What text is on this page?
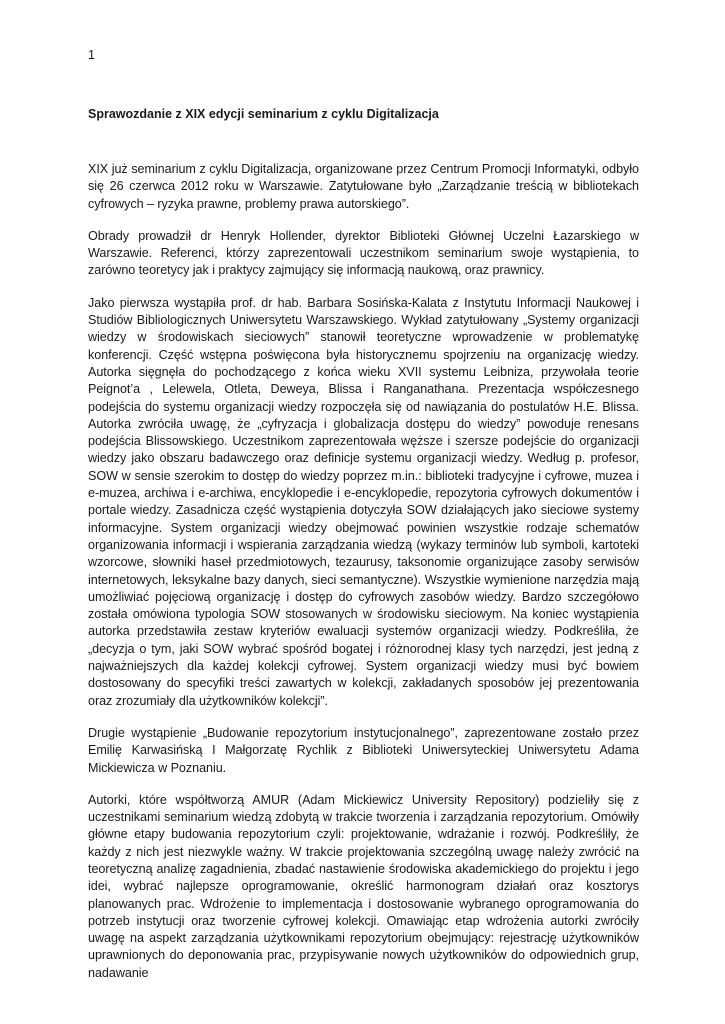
1
Sprawozdanie z XIX edycji seminarium z cyklu Digitalizacja

XIX już seminarium z cyklu Digitalizacja, organizowane przez Centrum Promocji Informatyki, odbyło się 26 czerwca 2012 roku w Warszawie. Zatytułowane było „Zarządzanie treścią w bibliotekach cyfrowych – ryzyka prawne, problemy prawa autorskiego”.

Obrady prowadził dr Henryk Hollender, dyrektor Biblioteki Głównej Uczelni Łazarskiego w Warszawie. Referenci, którzy zaprezentowali uczestnikom seminarium swoje wystąpienia, to zarówno teoretycy jak i praktycy zajmujący się informacją naukową, oraz prawnicy.

Jako pierwsza wystąpiła prof. dr hab. Barbara Sosińska-Kalata z Instytutu Informacji Naukowej i Studiów Bibliologicznych Uniwersytetu Warszawskiego. Wykład zatytułowany „Systemy organizacji wiedzy w środowiskach sieciowych” stanowił teoretyczne wprowadzenie w problematykę konferencji. Część wstępna poświęcona była historycznemu spojrzeniu na organizację wiedzy. Autorka sięgnęła do pochodzącego z końca wieku XVII systemu Leibniza, przywołała teorie Peignot’a , Lelewela, Otleta, Deweya, Blissa i Ranganathana. Prezentacja współczesnego podejścia do systemu organizacji wiedzy rozpoczęła się od nawiązania do postulatów H.E. Blissa. Autorka zwróciła uwagę, że „cyfryzacja i globalizacja dostępu do wiedzy” powoduje renesans podejścia Blissowskiego. Uczestnikom zaprezentowała węższe i szersze podejście do organizacji wiedzy jako obszaru badawczego oraz definicje systemu organizacji wiedzy. Według p. profesor, SOW w sensie szerokim to dostęp do wiedzy poprzez m.in.: biblioteki tradycyjne i cyfrowe, muzea i e-muzea, archiwa i e-archiwa, encyklopedie i e-encyklopedie, repozytoria cyfrowych dokumentów i portale wiedzy. Zasadnicza część wystąpienia dotyczyła SOW działających jako sieciowe systemy informacyjne. System organizacji wiedzy obejmować powinien wszystkie rodzaje schematów organizowania informacji i wspierania zarządzania wiedzą (wykazy terminów lub symboli, kartoteki wzorcowe, słowniki haseł przedmiotowych, tezaurusy, taksonomie organizujące zasoby serwisów internetowych, leksykalne bazy danych, sieci semantyczne). Wszystkie wymienione narzędzia mają umożliwiać pojęciową organizację i dostęp do cyfrowych zasobów wiedzy. Bardzo szczegółowo została omówiona typologia SOW stosowanych w środowisku sieciowym. Na koniec wystąpienia autorka przedstawiła zestaw kryteriów ewaluacji systemów organizacji wiedzy. Podkreśliła, że „decyzja o tym, jaki SOW wybrać spośród bogatej i różnorodnej klasy tych narzędzi, jest jedną z najważniejszych dla każdej kolekcji cyfrowej. System organizacji wiedzy musi być bowiem dostosowany do specyfiki treści zawartych w kolekcji, zakładanych sposobów jej prezentowania oraz zrozumiały dla użytkowników kolekcji”.

Drugie wystąpienie „Budowanie repozytorium instytucjonalnego”, zaprezentowane zostało przez Emilię Karwasińską I Małgorzatę Rychlik z Biblioteki Uniwersyteckiej Uniwersytetu Adama Mickiewicza w Poznaniu.

Autorki, które współtworzą AMUR (Adam Mickiewicz University Repository) podzieliły się z uczestnikami seminarium wiedzą zdobytą w trakcie tworzenia i zarządzania repozytorium. Omówiły główne etapy budowania repozytorium czyli: projektowanie, wdrażanie i rozwój. Podkreśliły, że każdy z nich jest niezwykle ważny. W trakcie projektowania szczególną uwagę należy zwrócić na teoretyczną analizę zagadnienia, zbadać nastawienie środowiska akademickiego do projektu i jego idei, wybrać najlepsze oprogramowanie, określić harmonogram działań oraz kosztorys planowanych prac. Wdrożenie to implementacja i dostosowanie wybranego oprogramowania do potrzeb instytucji oraz tworzenie cyfrowej kolekcji. Omawiając etap wdrożenia autorki zwróciły uwagę na aspekt zarządzania użytkownikami repozytorium obejmujący: rejestrację użytkowników uprawnionych do deponowania prac, przypisywanie nowych użytkowników do odpowiednich grup, nadawanie
